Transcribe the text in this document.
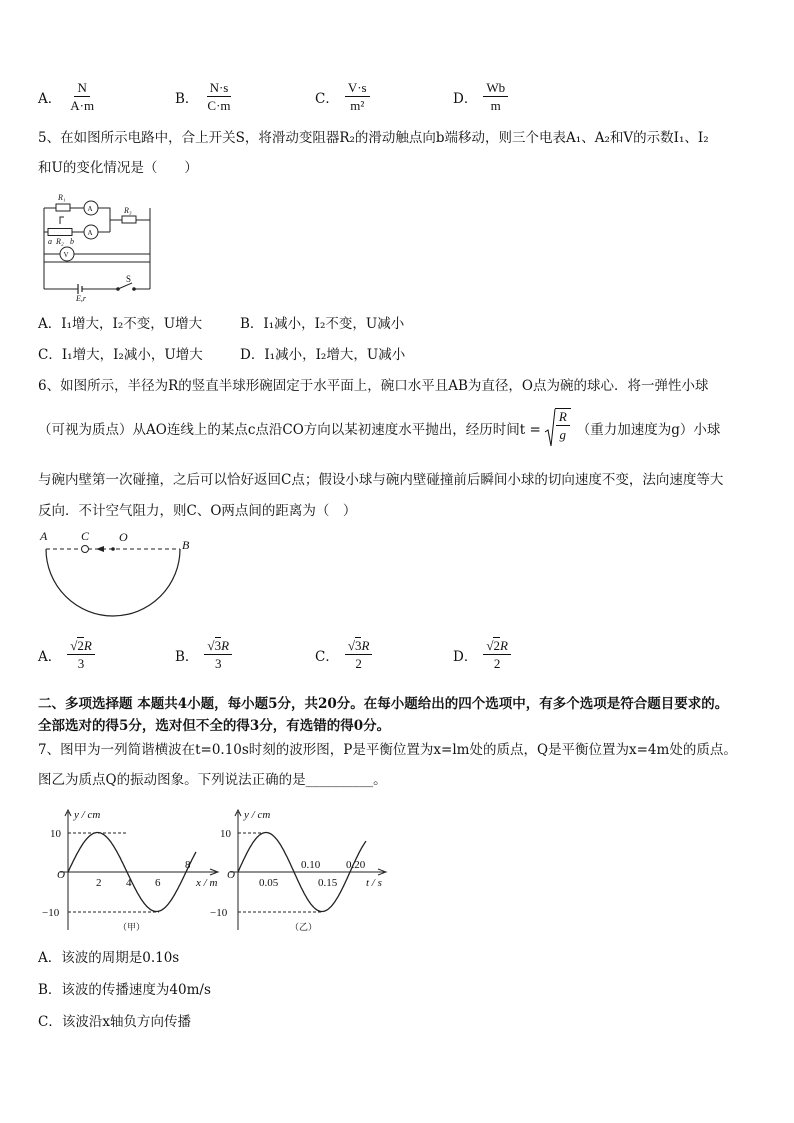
A． $\frac{N}{A\cdot m}$	B． $\frac{N\cdot s}{C\cdot m}$	C． $\frac{V\cdot s}{\text{m²}}$	D． $\frac{Wb}{m}$
5、在如图所示电路中，合上开关S，将滑动变阻器R₂的滑动触点向b端移动，则三个电表A₁、A₂和V的示数I₁、I₂
和U的变化情况是（　　）
R₁
R₃
a R₂ b
A
A
V
E,r
S
A．I₁增大，I₂不变，U增大	B．I₁减小，I₂不变，U减小
C．I₁增大，I₂减小，U增大	D．I₁减小，I₂增大，U减小
6、如图所示，半径为R的竖直半球形碗固定于水平面上，碗口水平且AB为直径，O点为碗的球心．将一弹性小球
（可视为质点）从AO连线上的某点c点沿CO方向以某初速度水平抛出，经历时间$t = \frac{R}{g}$ （重力加速度为g）小球
与碗内壁第一次碰撞，之后可以恰好返回C点；假设小球与碗内壁碰撞前后瞬间小球的切向速度不变，法向速度等大
反向．不计空气阻力，则C、O两点间的距离为（　）
A	C O
B
A． $\frac{√2R}{3}$	B． $\frac{√3R}{3}$	C． $\frac{√3R}{2}$	D． $\frac{√2R}{2}$
二、多项选择题 本题共4小题，每小题5分，共20分。在每小题给出的四个选项中，有多个选项是符合题目要求的。
全部选对的得5分，选对但不全的得3分，有选错的得0分。
7、图甲为一列简谐横波在t=0.10s时刻的波形图，P是平衡位置为x=lm处的质点，Q是平衡位置为x=4m处的质点。
图乙为质点Q的振动图象。下列说法正确的是__________。
y / cm
10
−10
O
2 4 6
8
x / m
（甲）
y / cm
10
−10
O
0.05
0.10
0.15
0.20
t / s
（乙）
A．该波的周期是0.10s
B．该波的传播速度为40m/s
C．该波沿x轴负方向传播
